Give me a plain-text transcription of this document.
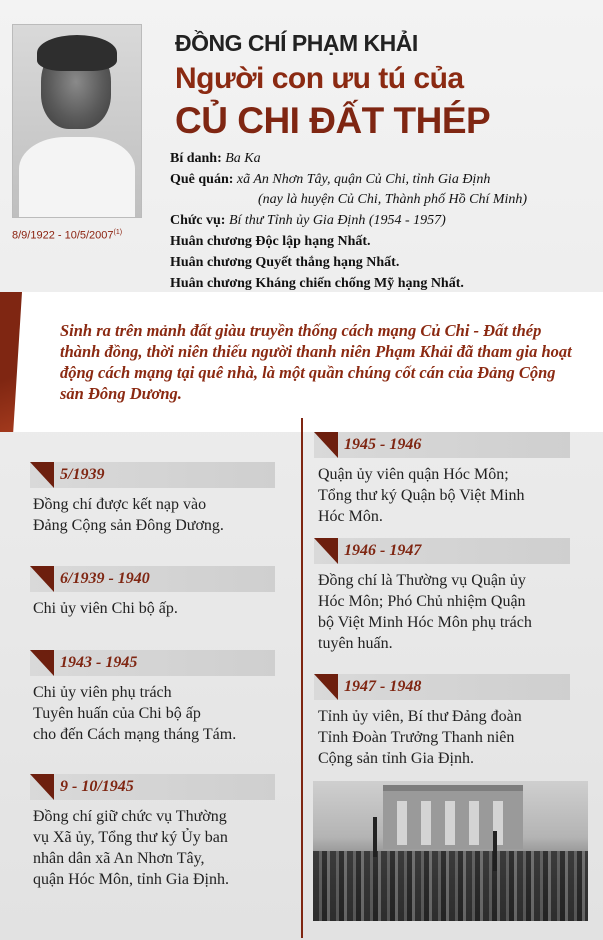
8/9/1922 - 10/5/2007$^{(1)}$
ĐỒNG CHÍ PHẠM KHẢI
Người con ưu tú của
CỦ CHI ĐẤT THÉP
Bí danh: Ba Ka
Quê quán: xã An Nhơn Tây, quận Củ Chi, tỉnh Gia Định
(nay là huyện Củ Chi, Thành phố Hồ Chí Minh)
Chức vụ: Bí thư Tỉnh ủy Gia Định (1954 - 1957)
Huân chương Độc lập hạng Nhất.
Huân chương Quyết thắng hạng Nhất.
Huân chương Kháng chiến chống Mỹ hạng Nhất.
Sinh ra trên mảnh đất giàu truyền thống cách mạng Củ Chi - Đất thép thành đồng, thời niên thiếu người thanh niên Phạm Khải đã tham gia hoạt động cách mạng tại quê nhà, là một quần chúng cốt cán của Đảng Cộng sản Đông Dương.
5/1939
Đồng chí được kết nạp vào
Đảng Cộng sản Đông Dương.
6/1939 - 1940
Chi ủy viên Chi bộ ấp.
1943 - 1945
Chi ủy viên phụ trách
Tuyên huấn của Chi bộ ấp
cho đến Cách mạng tháng Tám.
9 - 10/1945
Đồng chí giữ chức vụ Thường
vụ Xã ủy, Tổng thư ký Ủy ban
nhân dân xã An Nhơn Tây,
quận Hóc Môn, tỉnh Gia Định.
1945 - 1946
Quận ủy viên quận Hóc Môn;
Tổng thư ký Quận bộ Việt Minh
Hóc Môn.
1946 - 1947
Đồng chí là Thường vụ Quận ủy
Hóc Môn; Phó Chủ nhiệm Quận
bộ Việt Minh Hóc Môn phụ trách
tuyên huấn.
1947 - 1948
Tỉnh ủy viên, Bí thư Đảng đoàn
Tỉnh Đoàn Trưởng Thanh niên
Cộng sản tỉnh Gia Định.
